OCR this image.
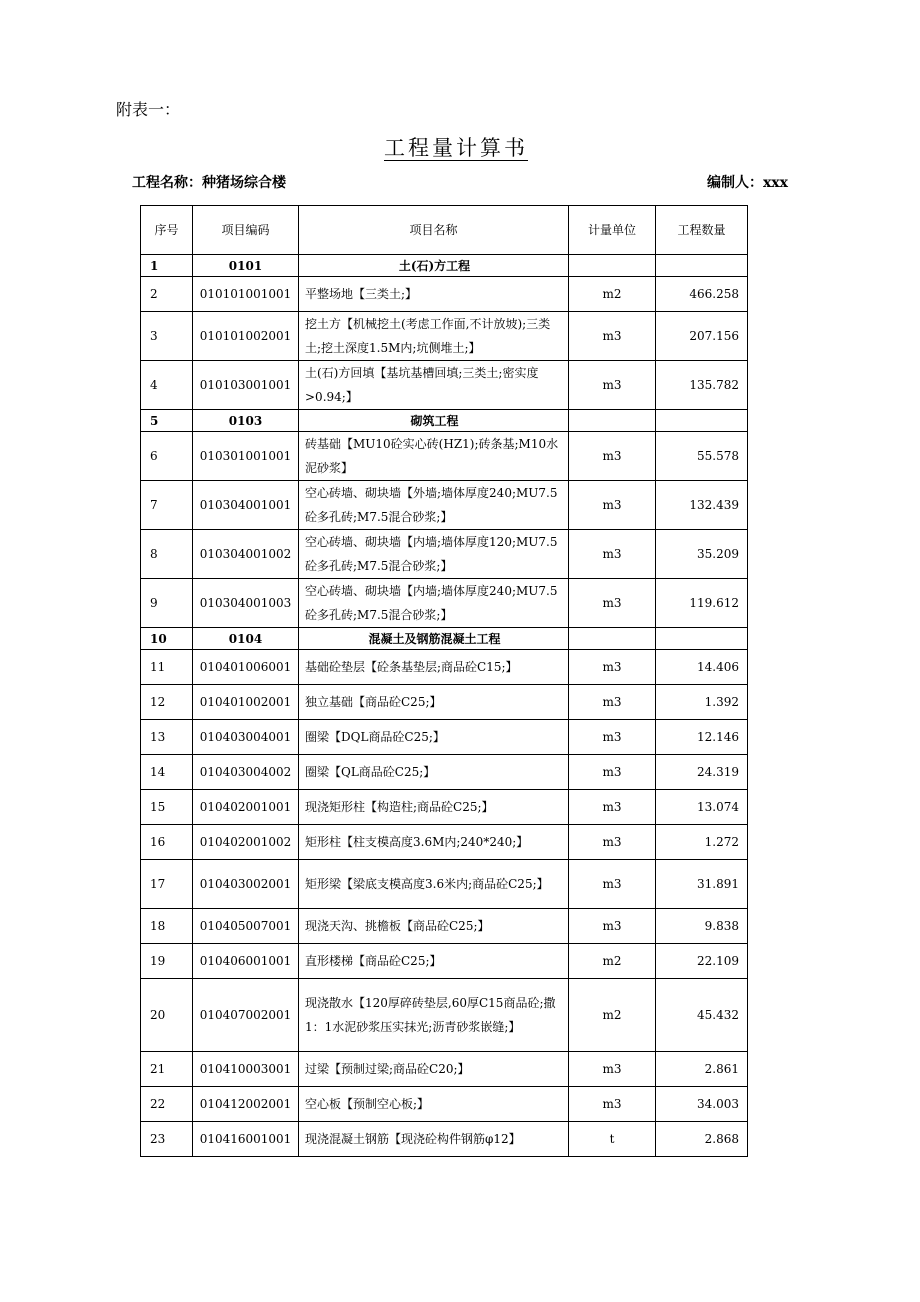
附表一：
工程量计算书
工程名称：种猪场综合楼	编制人：xxx
序号	项目编码	项目名称	计量单位	工程数量
1	0101	土(石)方工程		
2	010101001001	平整场地【三类土;】	m2	466.258
3	010101002001	挖土方【机械挖土(考虑工作面,不计放坡);三类土;挖土深度1.5M内;坑侧堆土;】	m3	207.156
4	010103001001	土(石)方回填【基坑基槽回填;三类土;密实度>0.94;】	m3	135.782
5	0103	砌筑工程		
6	010301001001	砖基础【MU10砼实心砖(HZ1);砖条基;M10水泥砂浆】	m3	55.578
7	010304001001	空心砖墙、砌块墙【外墙;墙体厚度240;MU7.5砼多孔砖;M7.5混合砂浆;】	m3	132.439
8	010304001002	空心砖墙、砌块墙【内墙;墙体厚度120;MU7.5砼多孔砖;M7.5混合砂浆;】	m3	35.209
9	010304001003	空心砖墙、砌块墙【内墙;墙体厚度240;MU7.5砼多孔砖;M7.5混合砂浆;】	m3	119.612
10	0104	混凝土及钢筋混凝土工程		
11	010401006001	基础砼垫层【砼条基垫层;商品砼C15;】	m3	14.406
12	010401002001	独立基础【商品砼C25;】	m3	1.392
13	010403004001	圈梁【DQL商品砼C25;】	m3	12.146
14	010403004002	圈梁【QL商品砼C25;】	m3	24.319
15	010402001001	现浇矩形柱【构造柱;商品砼C25;】	m3	13.074
16	010402001002	矩形柱【柱支模高度3.6M内;240*240;】	m3	1.272
17	010403002001	矩形梁【梁底支模高度3.6米内;商品砼C25;】	m3	31.891
18	010405007001	现浇天沟、挑檐板【商品砼C25;】	m3	9.838
19	010406001001	直形楼梯【商品砼C25;】	m2	22.109
20	010407002001	现浇散水【120厚碎砖垫层,60厚C15商品砼;撒1：1水泥砂浆压实抹光;沥青砂浆嵌缝;】	m2	45.432
21	010410003001	过梁【预制过梁;商品砼C20;】	m3	2.861
22	010412002001	空心板【预制空心板;】	m3	34.003
23	010416001001	现浇混凝土钢筋【现浇砼构件钢筋φ12】	t	2.868
